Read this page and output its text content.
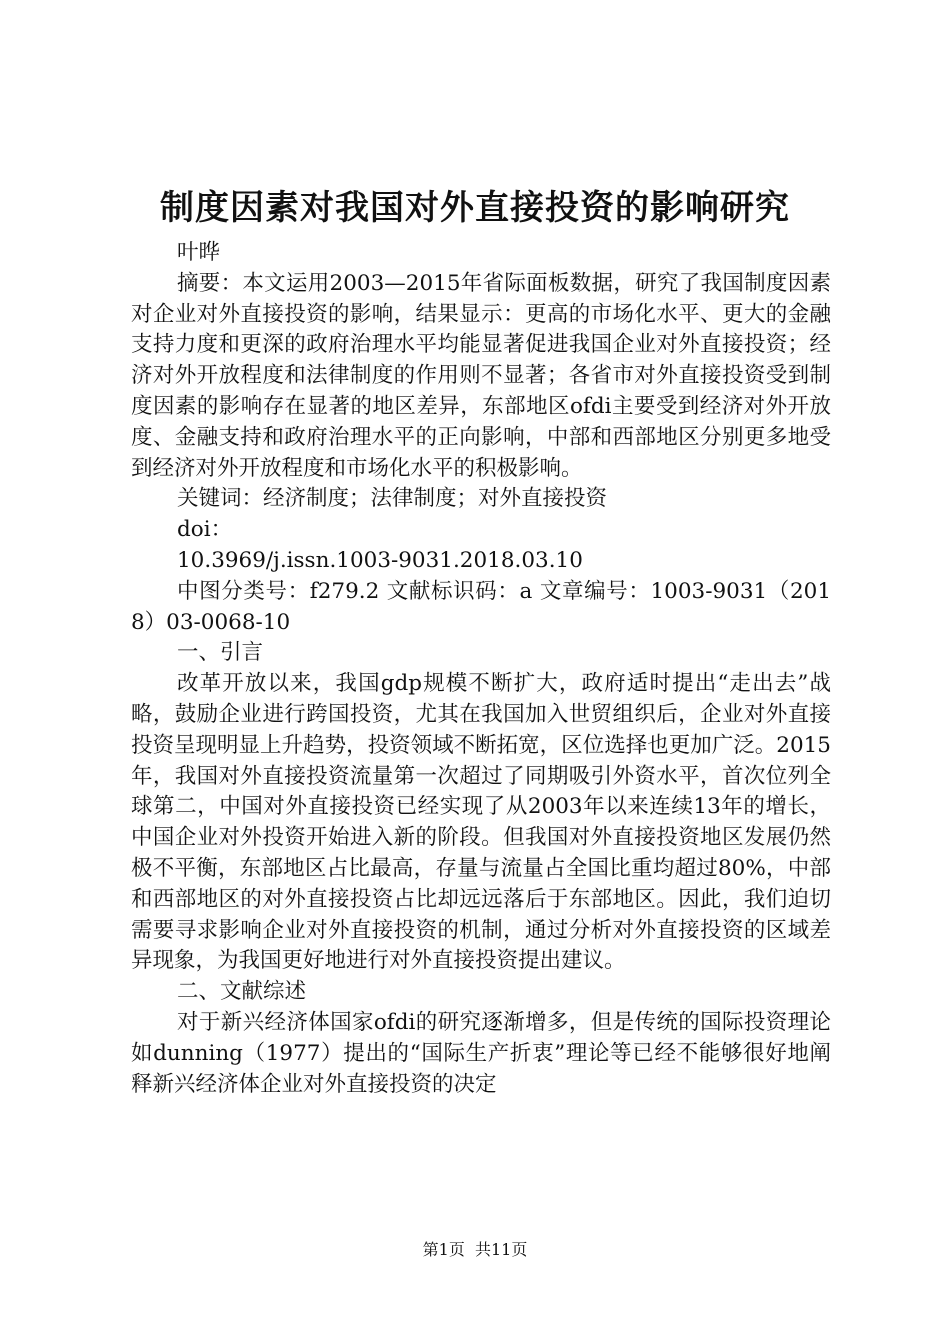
制度因素对我国对外直接投资的影响研究

叶晔

摘要：本文运用2003—2015年省际面板数据，研究了我国制度因素对企业对外直接投资的影响，结果显示：更高的市场化水平、更大的金融支持力度和更深的政府治理水平均能显著促进我国企业对外直接投资；经济对外开放程度和法律制度的作用则不显著；各省市对外直接投资受到制度因素的影响存在显著的地区差异，东部地区ofdi主要受到经济对外开放度、金融支持和政府治理水平的正向影响，中部和西部地区分别更多地受到经济对外开放程度和市场化水平的积极影响。

关键词：经济制度；法律制度；对外直接投资

doi：

10.3969/j.issn.1003-9031.2018.03.10

中图分类号：f279.2 文献标识码：a 文章编号：1003-9031（2018）03-0068-10

一、引言

改革开放以来，我国gdp规模不断扩大，政府适时提出“走出去”战略，鼓励企业进行跨国投资，尤其在我国加入世贸组织后，企业对外直接投资呈现明显上升趋势，投资领域不断拓宽，区位选择也更加广泛。2015年，我国对外直接投资流量第一次超过了同期吸引外资水平，首次位列全球第二，中国对外直接投资已经实现了从2003年以来连续13年的增长，中国企业对外投资开始进入新的阶段。但我国对外直接投资地区发展仍然极不平衡，东部地区占比最高，存量与流量占全国比重均超过80%，中部和西部地区的对外直接投资占比却远远落后于东部地区。因此，我们迫切需要寻求影响企业对外直接投资的机制，通过分析对外直接投资的区域差异现象，为我国更好地进行对外直接投资提出建议。

二、文献综述

对于新兴经济体国家ofdi的研究逐渐增多，但是传统的国际投资理论如dunning（1977）提出的“国际生产折衷”理论等已经不能够很好地阐释新兴经济体企业对外直接投资的决定

第1页  共11页
